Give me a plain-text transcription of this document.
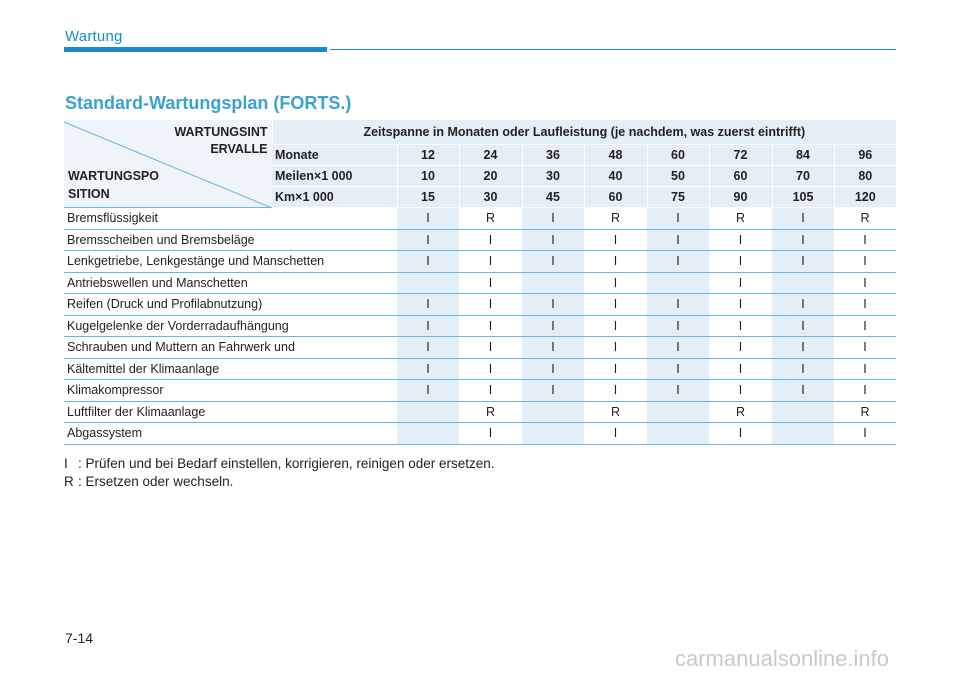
Wartung
Standard-Wartungsplan (FORTS.)
WARTUNGSINT
ERVALLE
WARTUNGSPO
SITION	Zeitspanne in Monaten oder Laufleistung (je nachdem, was zuerst eintrifft)								
	Monate	12	24	36	48	60	72	84	96
	Meilen×1 000	10	20	30	40	50	60	70	80
	Km×1 000	15	30	45	60	75	90	105	120
Bremsflüssigkeit		I	R	I	R	I	R	I	R
Bremsscheiben und Bremsbeläge		I	I	I	I	I	I	I	I
Lenkgetriebe, Lenkgestänge und Manschetten		I	I	I	I	I	I	I	I
Antriebswellen und Manschetten			I		I		I		I
Reifen (Druck und Profilabnutzung)		I	I	I	I	I	I	I	I
Kugelgelenke der Vorderradaufhängung		I	I	I	I	I	I	I	I
Schrauben und Muttern an Fahrwerk und		I	I	I	I	I	I	I	I
Kältemittel der Klimaanlage		I	I	I	I	I	I	I	I
Klimakompressor		I	I	I	I	I	I	I	I
Luftfilter der Klimaanlage			R		R		R		R
Abgassystem			I		I		I		I
I : Prüfen und bei Bedarf einstellen, korrigieren, reinigen oder ersetzen.
R : Ersetzen oder wechseln.
7-14
carmanualsonline.info
